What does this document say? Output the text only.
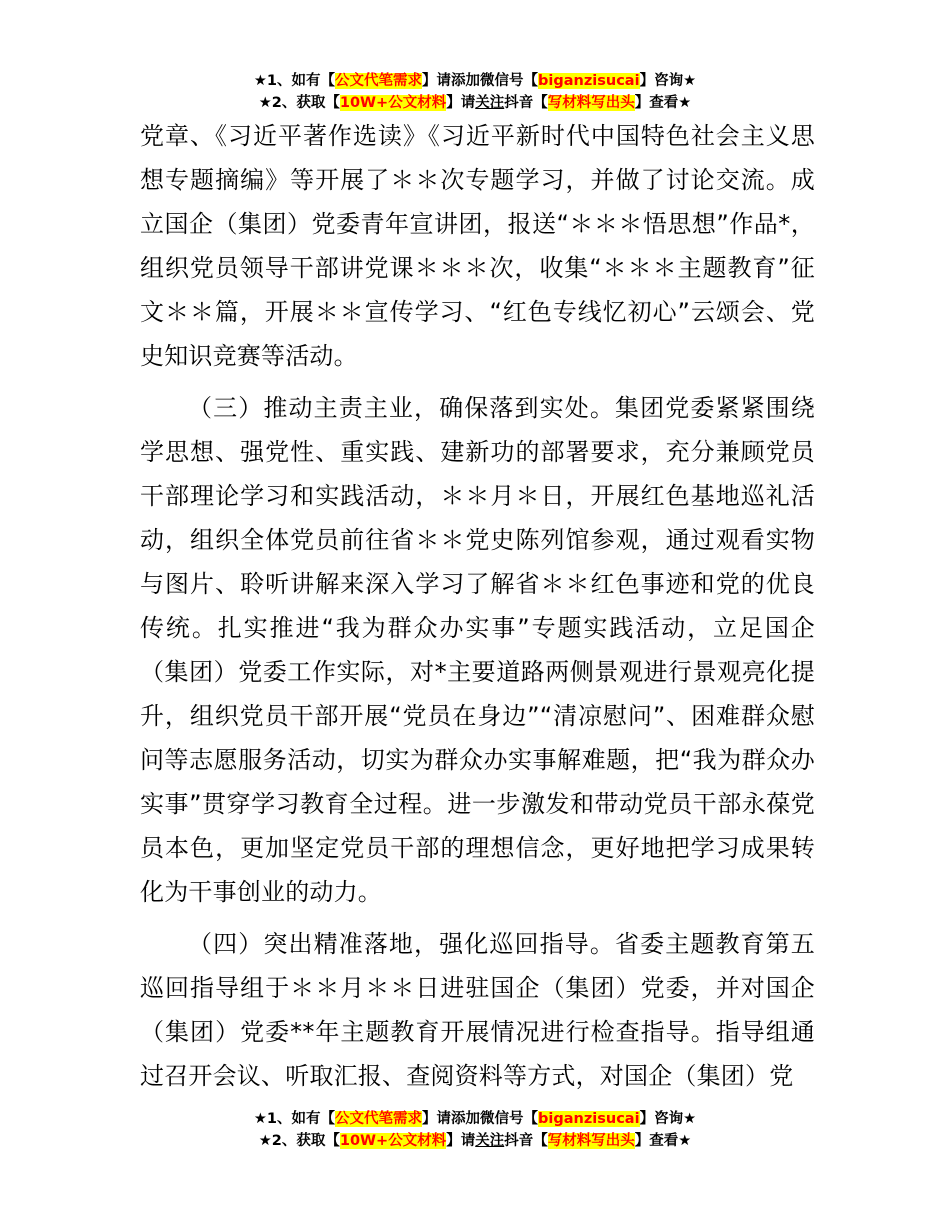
★1、如有【公文代笔需求】请添加微信号【biganzisucai】咨询★
★2、获取【10W+公文材料】请关注抖音【写材料写出头】查看★

党章、《习近平著作选读》《习近平新时代中国特色社会主义思想专题摘编》等开展了＊＊次专题学习，并做了讨论交流。成立国企（集团）党委青年宣讲团，报送“＊＊＊悟思想”作品*，组织党员领导干部讲党课＊＊＊次，收集“＊＊＊主题教育”征文＊＊篇，开展＊＊宣传学习、“红色专线忆初心”云颂会、党史知识竞赛等活动。

（三）推动主责主业，确保落到实处。集团党委紧紧围绕学思想、强党性、重实践、建新功的部署要求，充分兼顾党员干部理论学习和实践活动，＊＊月＊日，开展红色基地巡礼活动，组织全体党员前往省＊＊党史陈列馆参观，通过观看实物与图片、聆听讲解来深入学习了解省＊＊红色事迹和党的优良传统。扎实推进“我为群众办实事”专题实践活动，立足国企（集团）党委工作实际，对*主要道路两侧景观进行景观亮化提升，组织党员干部开展“党员在身边”“清凉慰问”、困难群众慰问等志愿服务活动，切实为群众办实事解难题，把“我为群众办实事”贯穿学习教育全过程。进一步激发和带动党员干部永葆党员本色，更加坚定党员干部的理想信念，更好地把学习成果转化为干事创业的动力。

（四）突出精准落地，强化巡回指导。省委主题教育第五巡回指导组于＊＊月＊＊日进驻国企（集团）党委，并对国企（集团）党委**年主题教育开展情况进行检查指导。指导组通过召开会议、听取汇报、查阅资料等方式，对国企（集团）党

★1、如有【公文代笔需求】请添加微信号【biganzisucai】咨询★
★2、获取【10W+公文材料】请关注抖音【写材料写出头】查看★
